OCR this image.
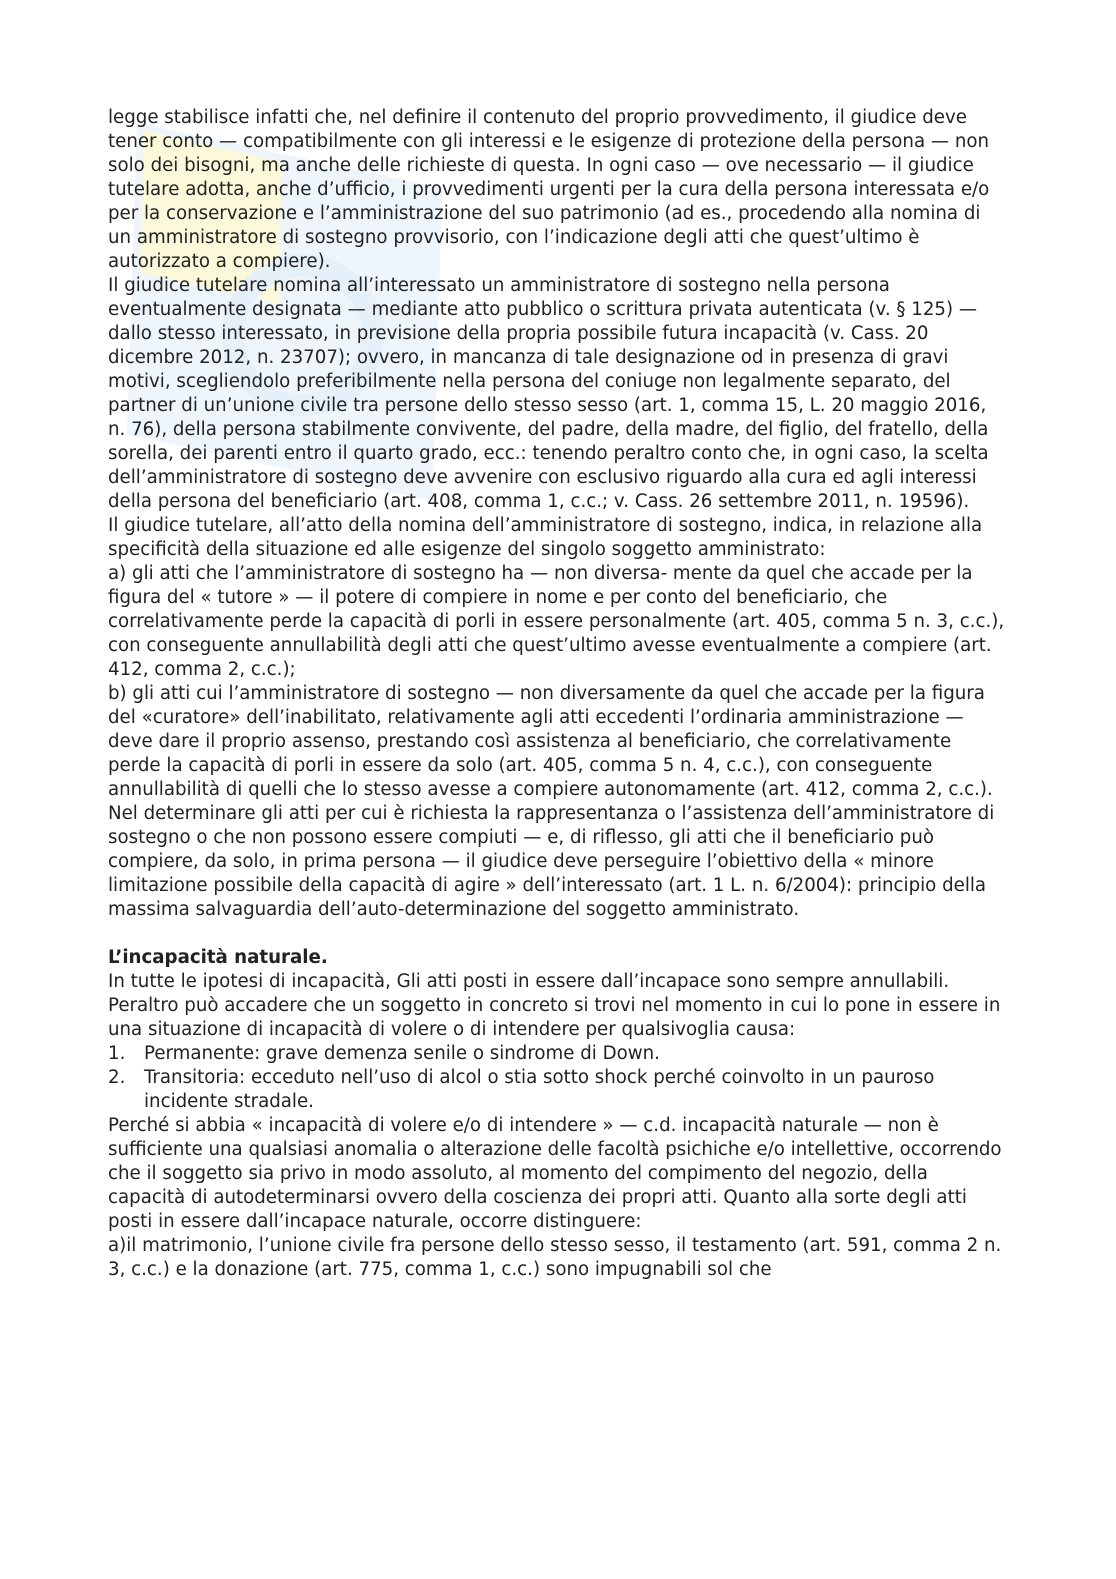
legge stabilisce infatti che, nel definire il contenuto del proprio provvedimento, il giudice deve tener conto — compatibilmente con gli interessi e le esigenze di protezione della persona — non solo dei bisogni, ma anche delle richieste di questa. In ogni caso — ove necessario — il giudice tutelare adotta, anche d’ufficio, i provvedimenti urgenti per la cura della persona interessata e/o per la conservazione e l’amministrazione del suo patrimonio (ad es., procedendo alla nomina di un amministratore di sostegno provvisorio, con l’indicazione degli atti che quest’ultimo è autorizzato a compiere).

Il giudice tutelare nomina all’interessato un amministratore di sostegno nella persona eventualmente designata — mediante atto pubblico o scrittura privata autenticata (v. § 125) — dallo stesso interessato, in previsione della propria possibile futura incapacità (v. Cass. 20 dicembre 2012, n. 23707); ovvero, in mancanza di tale designazione od in presenza di gravi motivi, scegliendolo preferibilmente nella persona del coniuge non legalmente separato, del partner di un’unione civile tra persone dello stesso sesso (art. 1, comma 15, L. 20 maggio 2016, n. 76), della persona stabilmente convivente, del padre, della madre, del figlio, del fratello, della sorella, dei parenti entro il quarto grado, ecc.: tenendo peraltro conto che, in ogni caso, la scelta dell’amministratore di sostegno deve avvenire con esclusivo riguardo alla cura ed agli interessi della persona del beneficiario (art. 408, comma 1, c.c.; v. Cass. 26 settembre 2011, n. 19596).

Il giudice tutelare, all’atto della nomina dell’amministratore di sostegno, indica, in relazione alla specificità della situazione ed alle esigenze del singolo soggetto amministrato:

a) gli atti che l’amministratore di sostegno ha — non diversa- mente da quel che accade per la figura del « tutore » — il potere di compiere in nome e per conto del beneficiario, che correlativamente perde la capacità di porli in essere personalmente (art. 405, comma 5 n. 3, c.c.), con conseguente annullabilità degli atti che quest’ultimo avesse eventualmente a compiere (art. 412, comma 2, c.c.);

b) gli atti cui l’amministratore di sostegno — non diversamente da quel che accade per la figura del «curatore» dell’inabilitato, relativamente agli atti eccedenti l’ordinaria amministrazione — deve dare il proprio assenso, prestando così assistenza al beneficiario, che correlativamente perde la capacità di porli in essere da solo (art. 405, comma 5 n. 4, c.c.), con conseguente annullabilità di quelli che lo stesso avesse a compiere autonomamente (art. 412, comma 2, c.c.).

Nel determinare gli atti per cui è richiesta la rappresentanza o l’assistenza dell’amministratore di sostegno o che non possono essere compiuti — e, di riflesso, gli atti che il beneficiario può compiere, da solo, in prima persona — il giudice deve perseguire l’obiettivo della « minore limitazione possibile della capacità di agire » dell’interessato (art. 1 L. n. 6/2004): principio della massima salvaguardia dell’auto-determinazione del soggetto amministrato.

L’incapacità naturale.

In tutte le ipotesi di incapacità, Gli atti posti in essere dall’incapace sono sempre annullabili. Peraltro può accadere che un soggetto in concreto si trovi nel momento in cui lo pone in essere in una situazione di incapacità di volere o di intendere per qualsivoglia causa:

1.	Permanente: grave demenza senile o sindrome di Down.
2.	Transitoria: ecceduto nell’uso di alcol o stia sotto shock perché coinvolto in un pauroso incidente stradale.

Perché si abbia « incapacità di volere e/o di intendere » — c.d. incapacità naturale — non è sufficiente una qualsiasi anomalia o alterazione delle facoltà psichiche e/o intellettive, occorrendo che il soggetto sia privo in modo assoluto, al momento del compimento del negozio, della capacità di autodeterminarsi ovvero della coscienza dei propri atti. Quanto alla sorte degli atti posti in essere dall’incapace naturale, occorre distinguere:

a)il matrimonio, l’unione civile fra persone dello stesso sesso, il testamento (art. 591, comma 2 n. 3, c.c.) e la donazione (art. 775, comma 1, c.c.) sono impugnabili sol che
